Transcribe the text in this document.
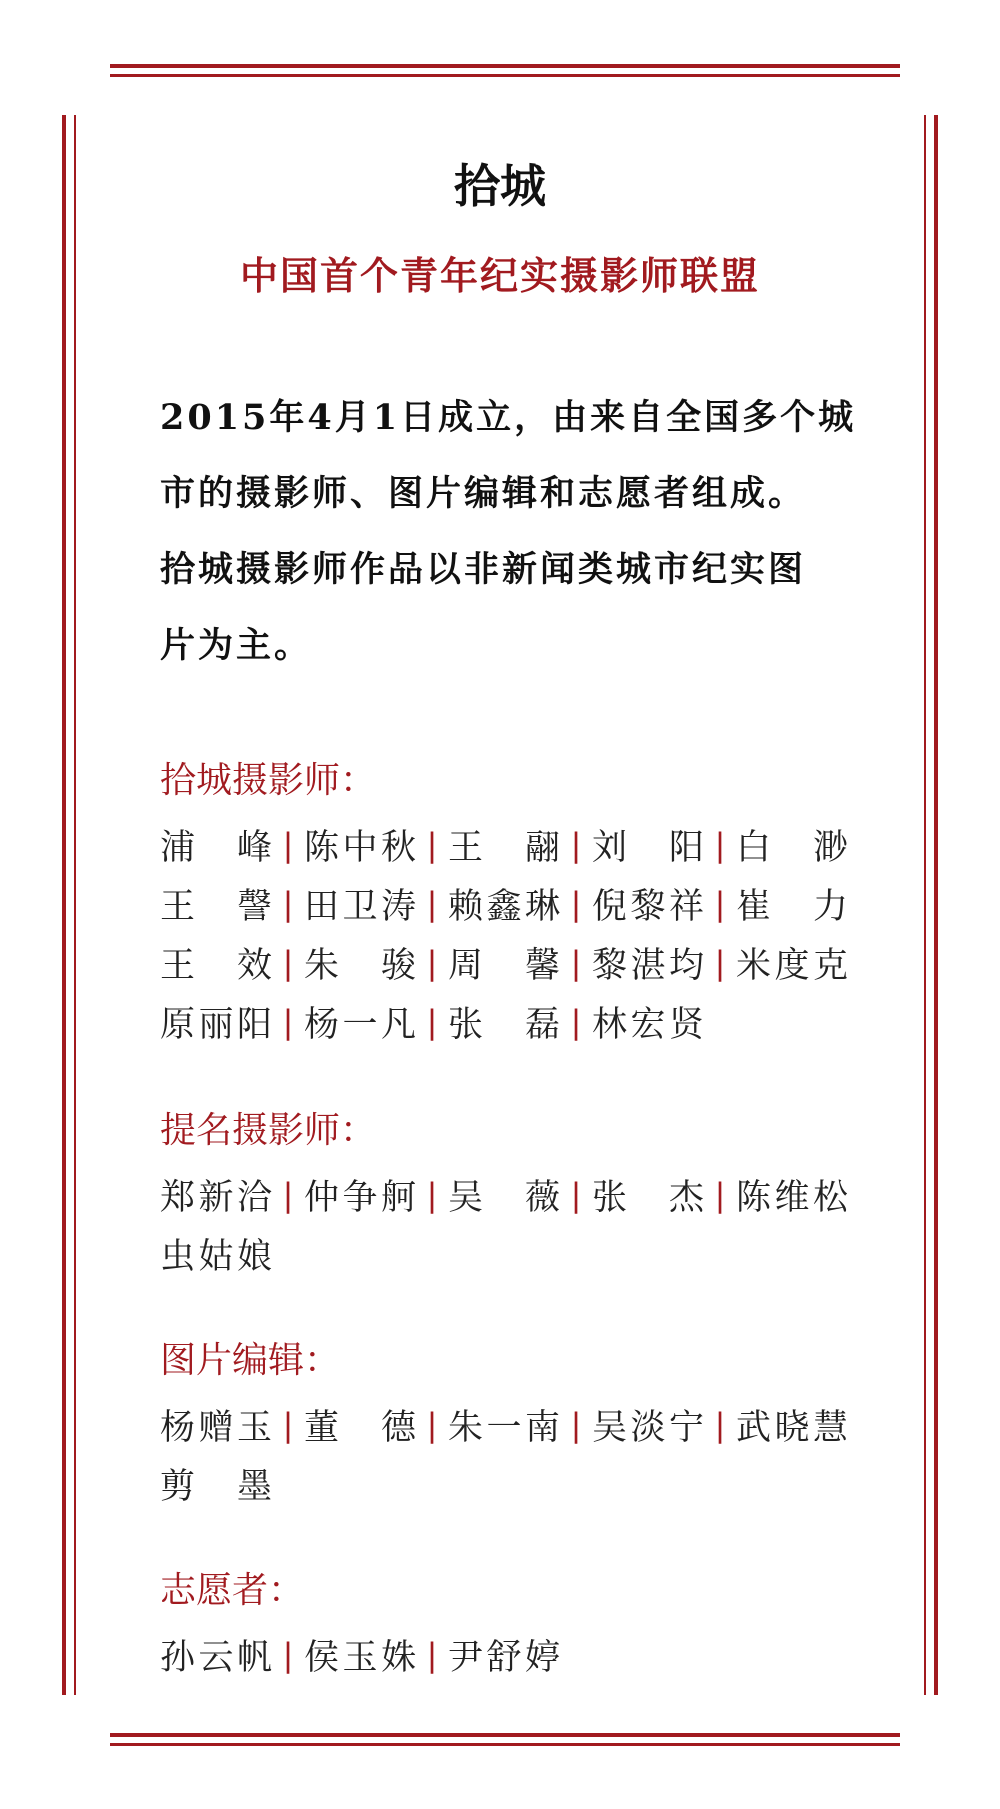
拾城
中国首个青年纪实摄影师联盟
2015年4月1日成立，由来自全国多个城
市的摄影师、图片编辑和志愿者组成。
拾城摄影师作品以非新闻类城市纪实图
片为主。
拾城摄影师：
浦 峰 | 陈 中 秋 | 王 翮 | 刘 阳 | 白 渺
王 謦 | 田 卫 涛 | 赖 鑫 琳 | 倪 黎 祥 | 崔 力
王 效 | 朱 骏 | 周 馨 | 黎 湛 均 | 米 度 克
原 丽 阳 | 杨 一 凡 | 张 磊 | 林 宏 贤
提名摄影师：
郑 新 洽 | 仲 争 舸 | 吴 薇 | 张 杰 | 陈 维 松
虫 姑 娘
图片编辑：
杨 赠 玉 | 董 德 | 朱 一 南 | 吴 淡 宁 | 武 晓 慧
剪 墨
志愿者：
孙 云 帆 | 侯 玉 姝 | 尹 舒 婷
